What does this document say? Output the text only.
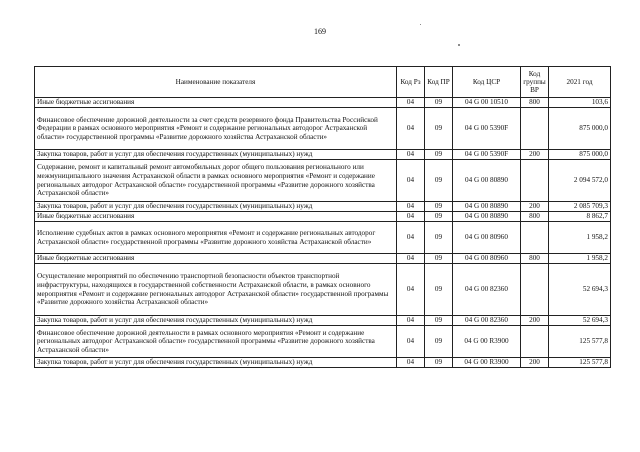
169
Наименование показателя	Код Рз	Код ПР	Код ЦСР	Код группы ВР	2021 год
Иные бюджетные ассигнования	04	09	04 G 00 10510	800	103,6
Финансовое обеспечение дорожной деятельности за счет средств резервного фонда Правительства Российской Федерации в рамках основного мероприятия «Ремонт и содержание региональных автодорог Астраханской области» государственной программы «Развитие дорожного хозяйства Астраханской области»	04	09	04 G 00 5390F		875 000,0
Закупка товаров, работ и услуг для обеспечения государственных (муниципальных) нужд	04	09	04 G 00 5390F	200	875 000,0
Содержание, ремонт и капитальный ремонт автомобильных дорог общего пользования регионального или межмуниципального значения Астраханской области в рамках основного мероприятия «Ремонт и содержание региональных автодорог Астраханской области» государственной программы «Развитие дорожного хозяйства Астраханской области»	04	09	04 G 00 80890		2 094 572,0
Закупка товаров, работ и услуг для обеспечения государственных (муниципальных) нужд	04	09	04 G 00 80890	200	2 085 709,3
Иные бюджетные ассигнования	04	09	04 G 00 80890	800	8 862,7
Исполнение судебных актов в рамках основного мероприятия «Ремонт и содержание региональных автодорог Астраханской области» государственной программы «Развитие дорожного хозяйства Астраханской области»	04	09	04 G 00 80960		1 958,2
Иные бюджетные ассигнования	04	09	04 G 00 80960	800	1 958,2
Осуществление мероприятий по обеспечению транспортной безопасности объектов транспортной инфраструктуры, находящихся в государственной собственности Астраханской области, в рамках основного мероприятия «Ремонт и содержание региональных автодорог Астраханской области» государственной программы «Развитие дорожного хозяйства Астраханской области»	04	09	04 G 00 82360		52 694,3
Закупка товаров, работ и услуг для обеспечения государственных (муниципальных) нужд	04	09	04 G 00 82360	200	52 694,3
Финансовое обеспечение дорожной деятельности в рамках основного мероприятия «Ремонт и содержание региональных автодорог Астраханской области» государственной программы «Развитие дорожного хозяйства Астраханской области»	04	09	04 G 00 R3900		125 577,8
Закупка товаров, работ и услуг для обеспечения государственных (муниципальных) нужд	04	09	04 G 00 R3900	200	125 577,8
